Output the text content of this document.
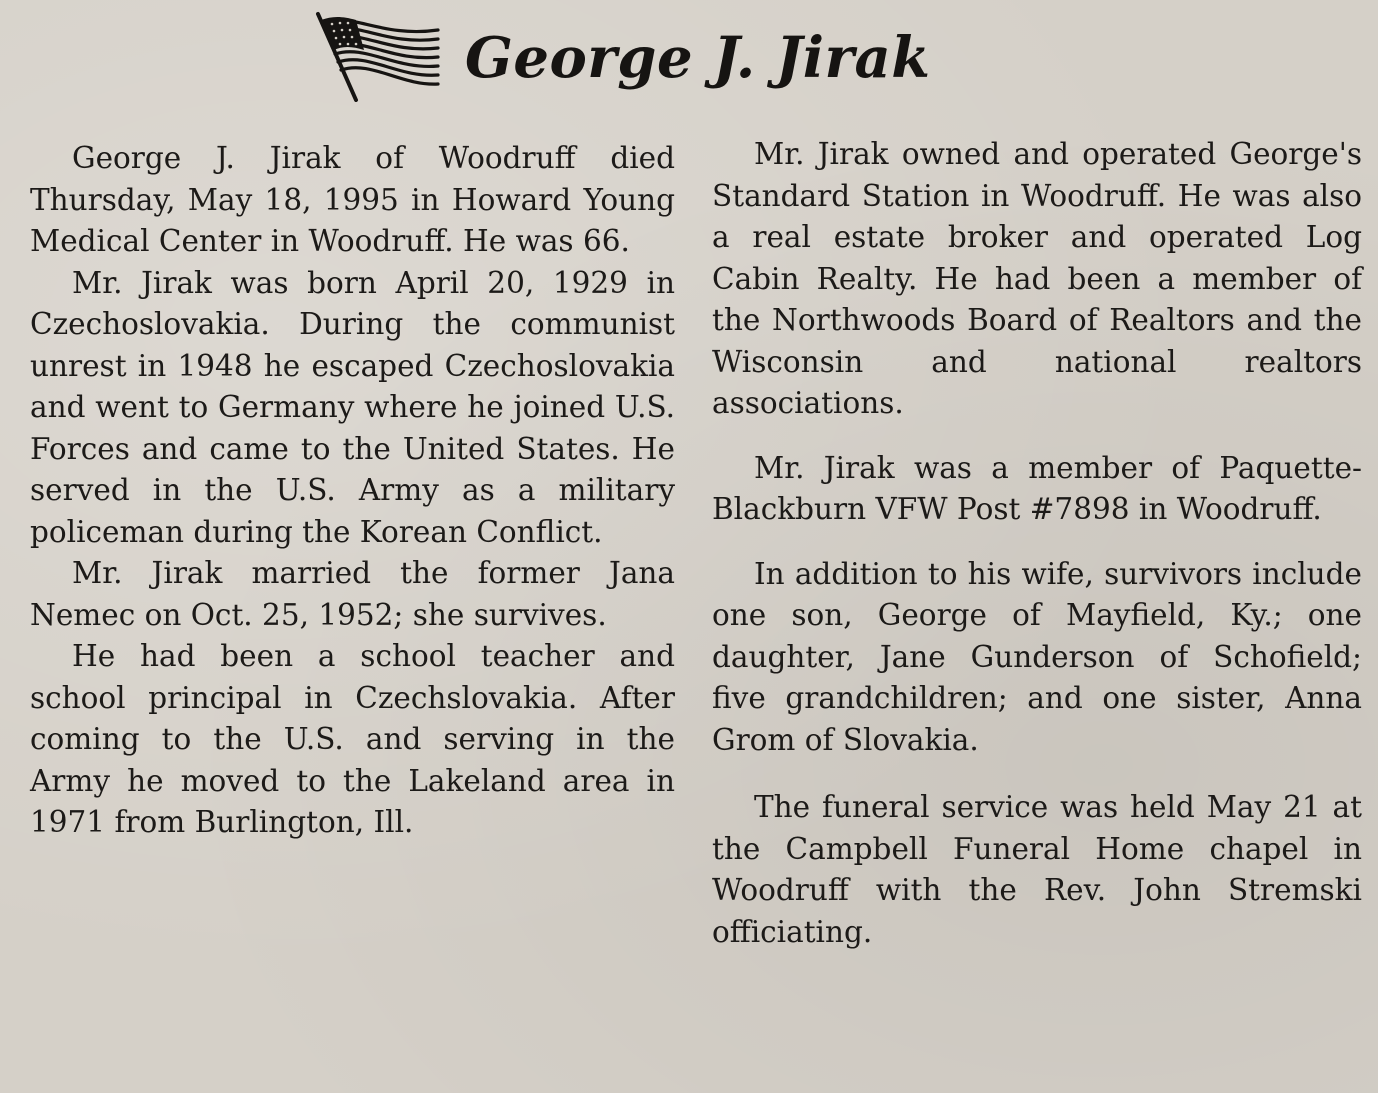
George J. Jirak

George J. Jirak of Woodruff died Thursday, May 18, 1995 in Howard Young Medical Center in Woodruff. He was 66.

Mr. Jirak was born April 20, 1929 in Czechoslovakia. During the communist unrest in 1948 he escaped Czechoslovakia and went to Germany where he joined U.S. Forces and came to the United States. He served in the U.S. Army as a military policeman during the Korean Conflict.

Mr. Jirak married the former Jana Nemec on Oct. 25, 1952; she survives.

He had been a school teacher and school principal in Czechslovakia. After coming to the U.S. and serving in the Army he moved to the Lakeland area in 1971 from Burlington, Ill.

Mr. Jirak owned and operated George's Standard Station in Woodruff. He was also a real estate broker and operated Log Cabin Realty. He had been a member of the Northwoods Board of Realtors and the Wisconsin and national realtors associations.

Mr. Jirak was a member of Paquette-Blackburn VFW Post #7898 in Woodruff.

In addition to his wife, survivors include one son, George of Mayfield, Ky.; one daughter, Jane Gunderson of Schofield; five grandchildren; and one sister, Anna Grom of Slovakia.

The funeral service was held May 21 at the Campbell Funeral Home chapel in Woodruff with the Rev. John Stremski officiating.
